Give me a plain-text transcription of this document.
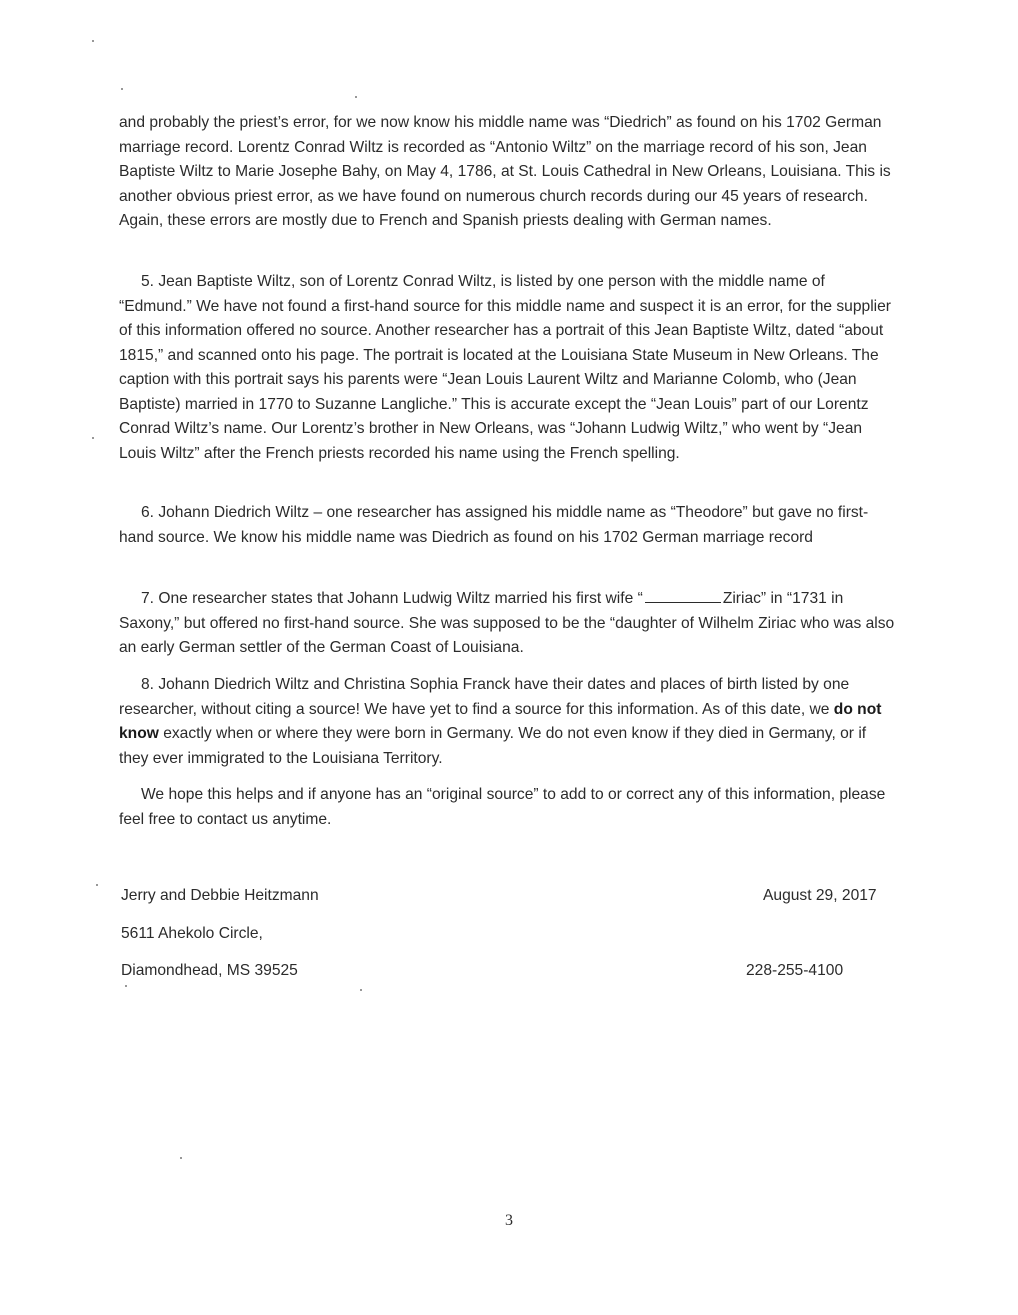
and probably the priest’s error, for we now know his middle name was “Diedrich” as found on his 1702 German marriage record. Lorentz Conrad Wiltz is recorded as “Antonio Wiltz” on the marriage record of his son, Jean Baptiste Wiltz to Marie Josephe Bahy, on May 4, 1786, at St. Louis Cathedral in New Orleans, Louisiana. This is another obvious priest error, as we have found on numerous church records during our 45 years of research. Again, these errors are mostly due to French and Spanish priests dealing with German names.

5. Jean Baptiste Wiltz, son of Lorentz Conrad Wiltz, is listed by one person with the middle name of “Edmund.” We have not found a first-hand source for this middle name and suspect it is an error, for the supplier of this information offered no source. Another researcher has a portrait of this Jean Baptiste Wiltz, dated “about 1815,” and scanned onto his page. The portrait is located at the Louisiana State Museum in New Orleans. The caption with this portrait says his parents were “Jean Louis Laurent Wiltz and Marianne Colomb, who (Jean Baptiste) married in 1770 to Suzanne Langliche.” This is accurate except the “Jean Louis” part of our Lorentz Conrad Wiltz’s name. Our Lorentz’s brother in New Orleans, was “Johann Ludwig Wiltz,” who went by “Jean Louis Wiltz” after the French priests recorded his name using the French spelling.

6. Johann Diedrich Wiltz – one researcher has assigned his middle name as “Theodore” but gave no first-hand source. We know his middle name was Diedrich as found on his 1702 German marriage record

7. One researcher states that Johann Ludwig Wiltz married his first wife “	Ziriac” in “1731 in Saxony,” but offered no first-hand source. She was supposed to be the “daughter of Wilhelm Ziriac who was also an early German settler of the German Coast of Louisiana.

8. Johann Diedrich Wiltz and Christina Sophia Franck have their dates and places of birth listed by one researcher, without citing a source! We have yet to find a source for this information. As of this date, we do not know exactly when or where they were born in Germany. We do not even know if they died in Germany, or if they ever immigrated to the Louisiana Territory.

We hope this helps and if anyone has an “original source” to add to or correct any of this information, please feel free to contact us anytime.

Jerry and Debbie Heitzmann
5611 Ahekolo Circle,
Diamondhead, MS 39525
August 29, 2017
228-255-4100
3
